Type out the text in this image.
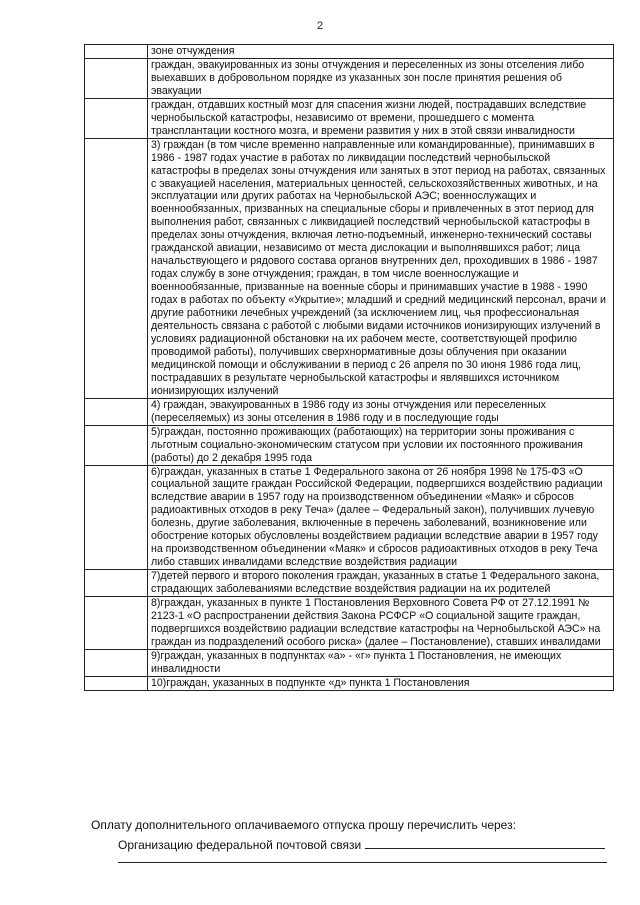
2
	зоне отчуждения
	граждан, эвакуированных из зоны отчуждения и переселенных из зоны отселения либо выехавших в добровольном порядке из указанных зон после принятия решения об эвакуации
	граждан, отдавших костный мозг для спасения жизни людей, пострадавших вследствие чернобыльской катастрофы, независимо от времени, прошедшего с момента трансплантации костного мозга, и времени развития у них в этой связи инвалидности
	3) граждан (в том числе временно направленные или командированные), принимавших в 1986 - 1987 годах участие в работах по ликвидации последствий чернобыльской катастрофы в пределах зоны отчуждения или занятых в этот период на работах, связанных с эвакуацией населения, материальных ценностей, сельскохозяйственных животных, и на эксплуатации или других работах на Чернобыльской АЭС; военнослужащих и военнообязанных, призванных на специальные сборы и привлеченных в этот период для выполнения работ, связанных с ликвидацией последствий чернобыльской катастрофы в пределах зоны отчуждения, включая летно-подъемный, инженерно-технический составы гражданской авиации, независимо от места дислокации и выполнявшихся работ; лица начальствующего и рядового состава органов внутренних дел, проходивших в 1986 - 1987 годах службу в зоне отчуждения; граждан, в том числе военнослужащие и военнообязанные, призванные на военные сборы и принимавших участие в 1988 - 1990 годах в работах по объекту «Укрытие»; младший и средний медицинский персонал, врачи и другие работники лечебных учреждений (за исключением лиц, чья профессиональная деятельность связана с работой с любыми видами источников ионизирующих излучений в условиях радиационной обстановки на их рабочем месте, соответствующей профилю проводимой работы), получивших сверхнормативные дозы облучения при оказании медицинской помощи и обслуживании в период с 26 апреля по 30 июня 1986 года лиц, пострадавших в результате чернобыльской катастрофы и являвшихся источником ионизирующих излучений
	4) граждан, эвакуированных в 1986 году из зоны отчуждения или переселенных (переселяемых) из зоны отселения в 1986 году и в последующие годы
	5)граждан, постоянно проживающих (работающих) на территории зоны проживания с льготным социально-экономическим статусом при условии их постоянного проживания (работы) до 2 декабря 1995 года
	6)граждан, указанных в статье 1 Федерального закона от 26 ноября 1998 № 175-ФЗ «О социальной защите граждан Российской Федерации, подвергшихся воздействию радиации вследствие аварии в 1957 году на производственном объединении «Маяк» и сбросов радиоактивных отходов в реку Теча» (далее – Федеральный закон), получивших лучевую болезнь, другие заболевания, включенные в перечень заболеваний, возникновение или обострение которых обусловлены воздействием радиации вследствие аварии в 1957 году на производственном объединении «Маяк» и сбросов радиоактивных отходов в реку Теча либо ставших инвалидами вследствие воздействия радиации
	7)детей первого и второго поколения граждан, указанных в статье 1 Федерального закона, страдающих заболеваниями вследствие воздействия радиации на их родителей
	8)граждан, указанных в пункте 1 Постановления Верховного Совета РФ от 27.12.1991 № 2123-1 «О распространении действия Закона РСФСР «О социальной защите граждан, подвергшихся воздействию радиации вследствие катастрофы на Чернобыльской АЭС» на граждан из подразделений особого риска» (далее – Постановление), ставших инвалидами
	9)граждан, указанных в подпунктах «а» - «г» пункта 1 Постановления, не имеющих инвалидности
	10)граждан, указанных в подпункте «д» пункта 1 Постановления
Оплату дополнительного оплачиваемого отпуска прошу перечислить через:
Организацию федеральной почтовой связи
